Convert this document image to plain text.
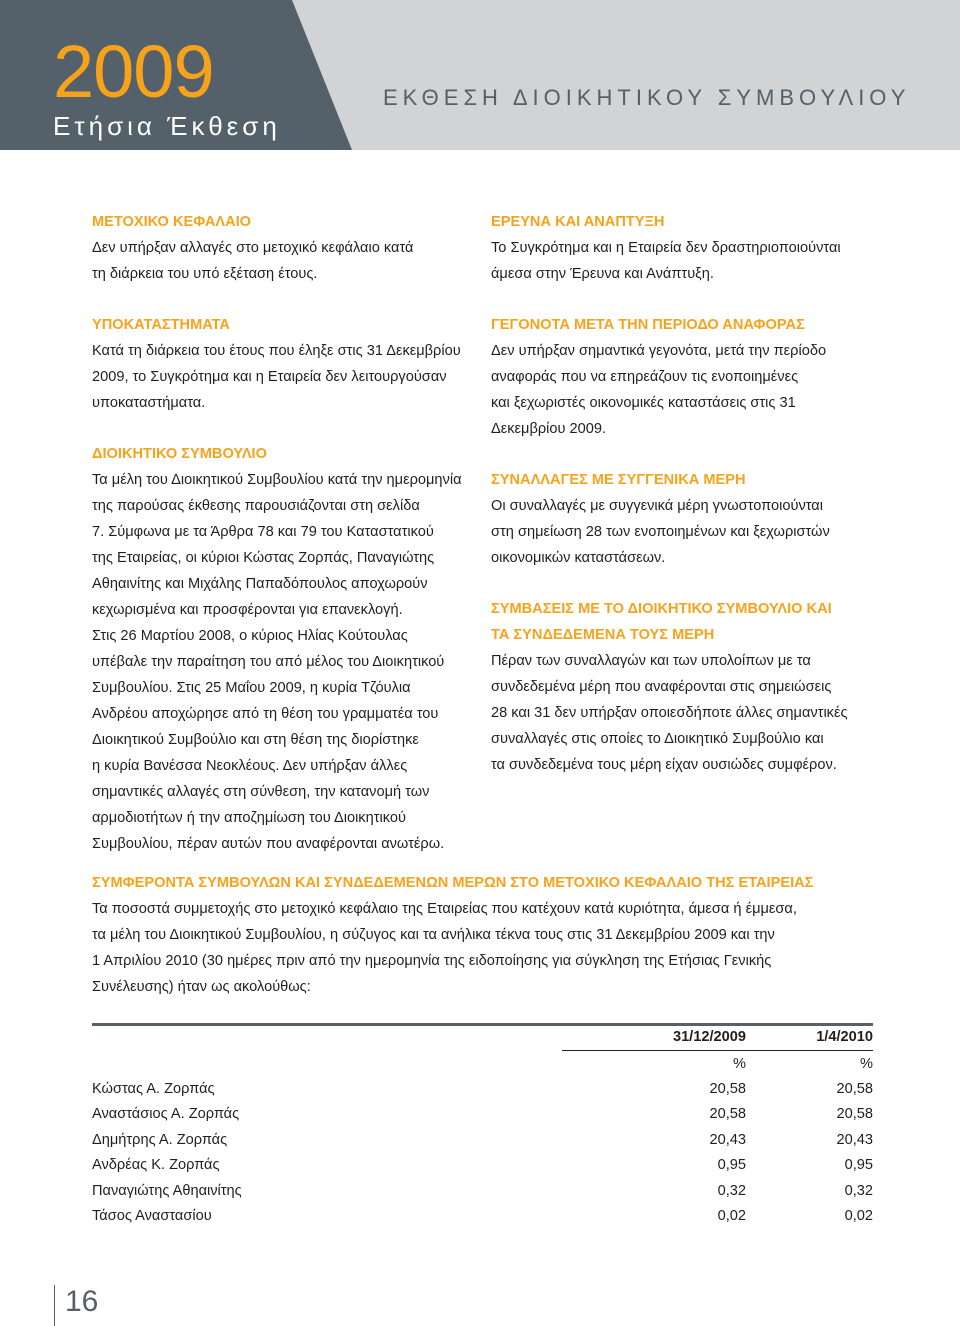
2009
Ετήσια Έκθεση
ΕΚΘΕΣΗ ΔΙΟΙΚΗΤΙΚΟΥ ΣΥΜΒΟΥΛΙΟΥ
ΜΕΤΟΧΙΚΟ ΚΕΦΑΛΑΙΟ
Δεν υπήρξαν αλλαγές στο μετοχικό κεφάλαιο κατά
τη διάρκεια του υπό εξέταση έτους.
ΥΠΟΚΑΤΑΣΤΗΜΑΤΑ
Κατά τη διάρκεια του έτους που έληξε στις 31 Δεκεμβρίου
2009, το Συγκρότημα και η Εταιρεία δεν λειτουργούσαν
υποκαταστήματα.
ΔΙΟΙΚΗΤΙΚΟ ΣΥΜΒΟΥΛΙΟ
Τα μέλη του Διοικητικού Συμβουλίου κατά την ημερομηνία
της παρούσας έκθεσης παρουσιάζονται στη σελίδα
7. Σύμφωνα με τα Άρθρα 78 και 79 του Καταστατικού
της Εταιρείας, οι κύριοι Κώστας Ζορπάς, Παναγιώτης
Αθηαινίτης και Μιχάλης Παπαδόπουλος αποχωρούν
κεχωρισμένα και προσφέρονται για επανεκλογή.
Στις 26 Μαρτίου 2008, ο κύριος Ηλίας Κούτουλας
υπέβαλε την παραίτηση του από μέλος του Διοικητικού
Συμβουλίου. Στις 25 Μαΐου 2009, η κυρία Τζόυλια
Ανδρέου αποχώρησε από τη θέση του γραμματέα του
Διοικητικού Συμβούλιο και στη θέση της διορίστηκε
η κυρία Βανέσσα Νεοκλέους. Δεν υπήρξαν άλλες
σημαντικές αλλαγές στη σύνθεση, την κατανομή των
αρμοδιοτήτων ή την αποζημίωση του Διοικητικού
Συμβουλίου, πέραν αυτών που αναφέρονται ανωτέρω.
ΕΡΕΥΝΑ ΚΑΙ ΑΝΑΠΤΥΞΗ
Το Συγκρότημα και η Εταιρεία δεν δραστηριοποιούνται
άμεσα στην Έρευνα και Ανάπτυξη.
ΓΕΓΟΝΟΤΑ ΜΕΤΑ ΤΗΝ ΠΕΡΙΟΔΟ ΑΝΑΦΟΡΑΣ
Δεν υπήρξαν σημαντικά γεγονότα, μετά την περίοδο
αναφοράς που να επηρεάζουν τις ενοποιημένες
και ξεχωριστές οικονομικές καταστάσεις στις 31
Δεκεμβρίου 2009.
ΣΥΝΑΛΛΑΓΕΣ ΜΕ ΣΥΓΓΕΝΙΚΑ ΜΕΡΗ
Οι συναλλαγές με συγγενικά μέρη γνωστοποιούνται
στη σημείωση 28 των ενοποιημένων και ξεχωριστών
οικονομικών καταστάσεων.
ΣΥΜΒΑΣΕΙΣ ΜΕ ΤΟ ΔΙΟΙΚΗΤΙΚΟ ΣΥΜΒΟΥΛΙΟ ΚΑΙ
ΤΑ ΣΥΝΔΕΔΕΜΕΝΑ ΤΟΥΣ ΜΕΡΗ
Πέραν των συναλλαγών και των υπολοίπων με τα
συνδεδεμένα μέρη που αναφέρονται στις σημειώσεις
28 και 31 δεν υπήρξαν οποιεσδήποτε άλλες σημαντικές
συναλλαγές στις οποίες το Διοικητικό Συμβούλιο και
τα συνδεδεμένα τους μέρη είχαν ουσιώδες συμφέρον.
ΣΥΜΦΕΡΟΝΤΑ ΣΥΜΒΟΥΛΩΝ ΚΑΙ ΣΥΝΔΕΔΕΜΕΝΩΝ ΜΕΡΩΝ ΣΤΟ ΜΕΤΟΧΙΚΟ ΚΕΦΑΛΑΙΟ ΤΗΣ ΕΤΑΙΡΕΙΑΣ
Τα ποσοστά συμμετοχής στο μετοχικό κεφάλαιο της Εταιρείας που κατέχουν κατά κυριότητα, άμεσα ή έμμεσα,
τα μέλη του Διοικητικού Συμβουλίου, η σύζυγος και τα ανήλικα τέκνα τους στις 31 Δεκεμβρίου 2009 και την
1 Απριλίου 2010 (30 ημέρες πριν από την ημερομηνία της ειδοποίησης για σύγκληση της Ετήσιας Γενικής
Συνέλευσης) ήταν ως ακολούθως:
	31/12/2009	1/4/2010
	%	%
Κώστας Α. Ζορπάς	20,58	20,58
Αναστάσιος Α. Ζορπάς	20,58	20,58
Δημήτρης Α. Ζορπάς	20,43	20,43
Ανδρέας Κ. Ζορπάς	0,95	0,95
Παναγιώτης Αθηαινίτης	0,32	0,32
Τάσος Αναστασίου	0,02	0,02
16
